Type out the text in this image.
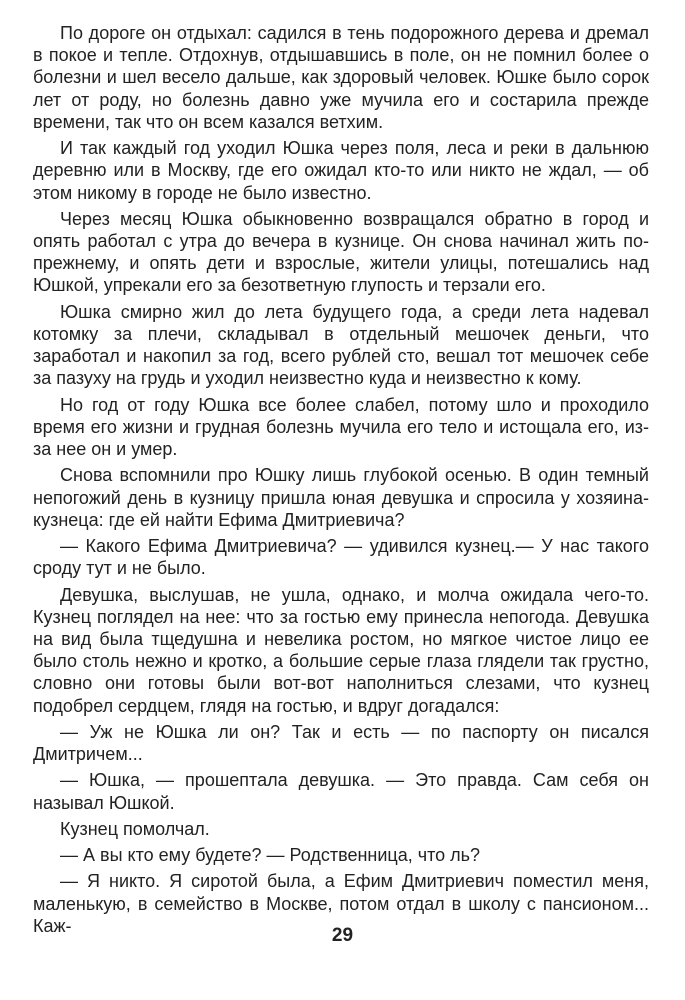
По дороге он отдыхал: садился в тень подорожного дерева и дремал в покое и тепле. Отдохнув, отдышавшись в поле, он не помнил более о болезни и шел весело дальше, как здоровый человек. Юшке было сорок лет от роду, но болезнь давно уже мучила его и состарила прежде времени, так что он всем казался ветхим.

И так каждый год уходил Юшка через поля, леса и реки в дальнюю деревню или в Москву, где его ожидал кто-то или никто не ждал, — об этом никому в городе не было известно.

Через месяц Юшка обыкновенно возвращался обратно в город и опять работал с утра до вечера в кузнице. Он снова начинал жить по-прежнему, и опять дети и взрослые, жители улицы, потешались над Юшкой, упрекали его за безответную глупость и терзали его.

Юшка смирно жил до лета будущего года, а среди лета надевал котомку за плечи, складывал в отдельный мешочек деньги, что заработал и накопил за год, всего рублей сто, вешал тот мешочек себе за пазуху на грудь и уходил неизвестно куда и неизвестно к кому.

Но год от году Юшка все более слабел, потому шло и проходило время его жизни и грудная болезнь мучила его тело и истощала его, из-за нее он и умер.

Снова вспомнили про Юшку лишь глубокой осенью. В один темный непогожий день в кузницу пришла юная девушка и спросила у хозяина-кузнеца: где ей найти Ефима Дмитриевича?

— Какого Ефима Дмитриевича? — удивился кузнец.— У нас такого сроду тут и не было.

Девушка, выслушав, не ушла, однако, и молча ожидала чего-то. Кузнец поглядел на нее: что за гостью ему принесла непогода. Девушка на вид была тщедушна и невелика ростом, но мягкое чистое лицо ее было столь нежно и кротко, а большие серые глаза глядели так грустно, словно они готовы были вот-вот наполниться слезами, что кузнец подобрел сердцем, глядя на гостью, и вдруг догадался:

— Уж не Юшка ли он? Так и есть — по паспорту он писался Дмитричем...

— Юшка, — прошептала девушка. — Это правда. Сам себя он называл Юшкой.

Кузнец помолчал.

— А вы кто ему будете? — Родственница, что ль?

— Я никто. Я сиротой была, а Ефим Дмитриевич поместил меня, маленькую, в семейство в Москве, потом отдал в школу с пансионом... Каж-	29
